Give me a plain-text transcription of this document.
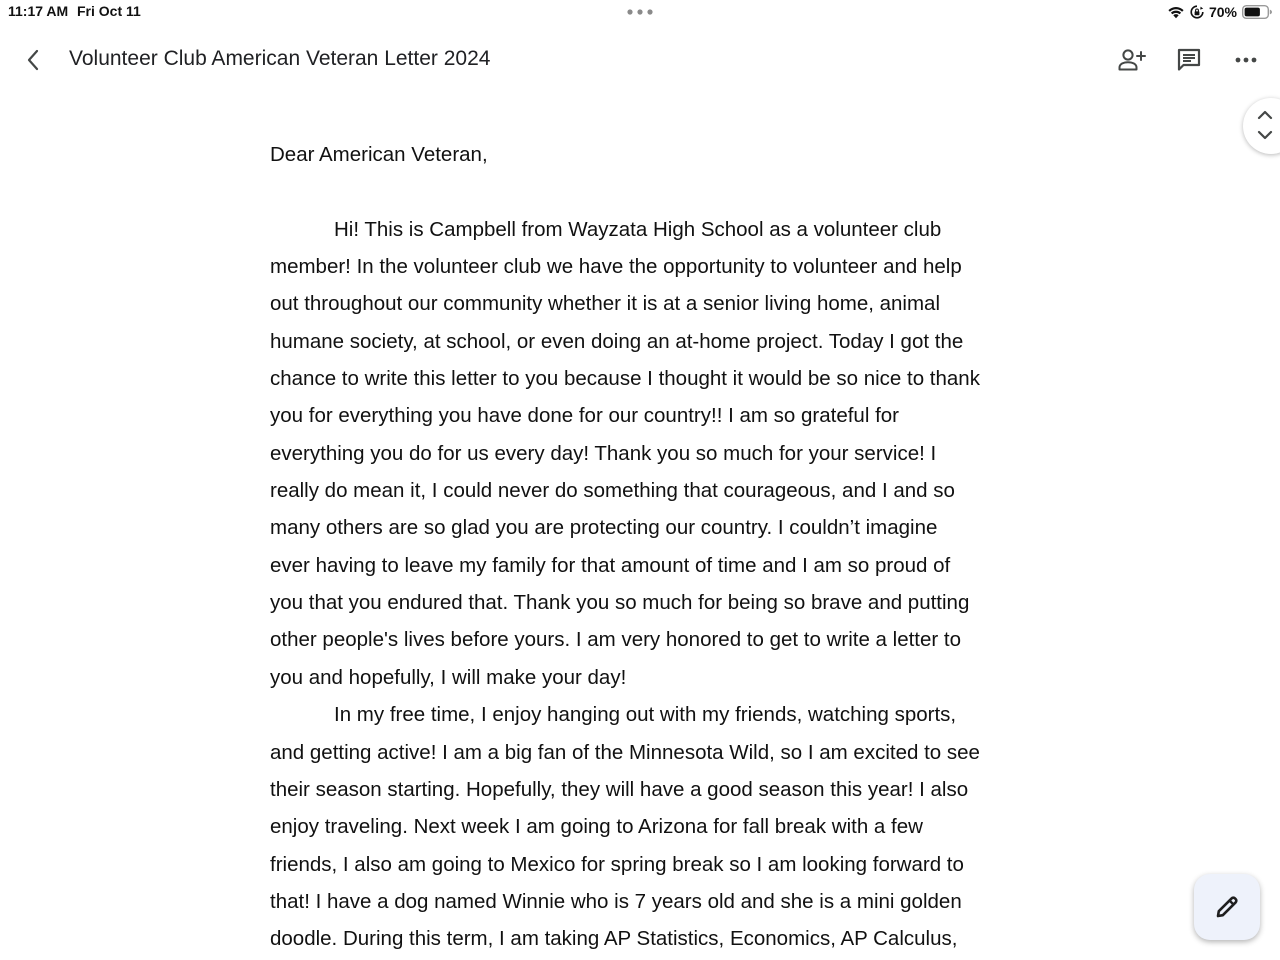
11:17 AM Fri Oct 11	70%
Volunteer Club American Veteran Letter 2024
Dear American Veteran,
Hi! This is Campbell from Wayzata High School as a volunteer club
member! In the volunteer club we have the opportunity to volunteer and help
out throughout our community whether it is at a senior living home, animal
humane society, at school, or even doing an at-home project. Today I got the
chance to write this letter to you because I thought it would be so nice to thank
you for everything you have done for our country!! I am so grateful for
everything you do for us every day! Thank you so much for your service! I
really do mean it, I could never do something that courageous, and I and so
many others are so glad you are protecting our country. I couldn’t imagine
ever having to leave my family for that amount of time and I am so proud of
you that you endured that. Thank you so much for being so brave and putting
other people's lives before yours. I am very honored to get to write a letter to
you and hopefully, I will make your day!
In my free time, I enjoy hanging out with my friends, watching sports,
and getting active! I am a big fan of the Minnesota Wild, so I am excited to see
their season starting. Hopefully, they will have a good season this year! I also
enjoy traveling. Next week I am going to Arizona for fall break with a few
friends, I also am going to Mexico for spring break so I am looking forward to
that! I have a dog named Winnie who is 7 years old and she is a mini golden
doodle. During this term, I am taking AP Statistics, Economics, AP Calculus,
